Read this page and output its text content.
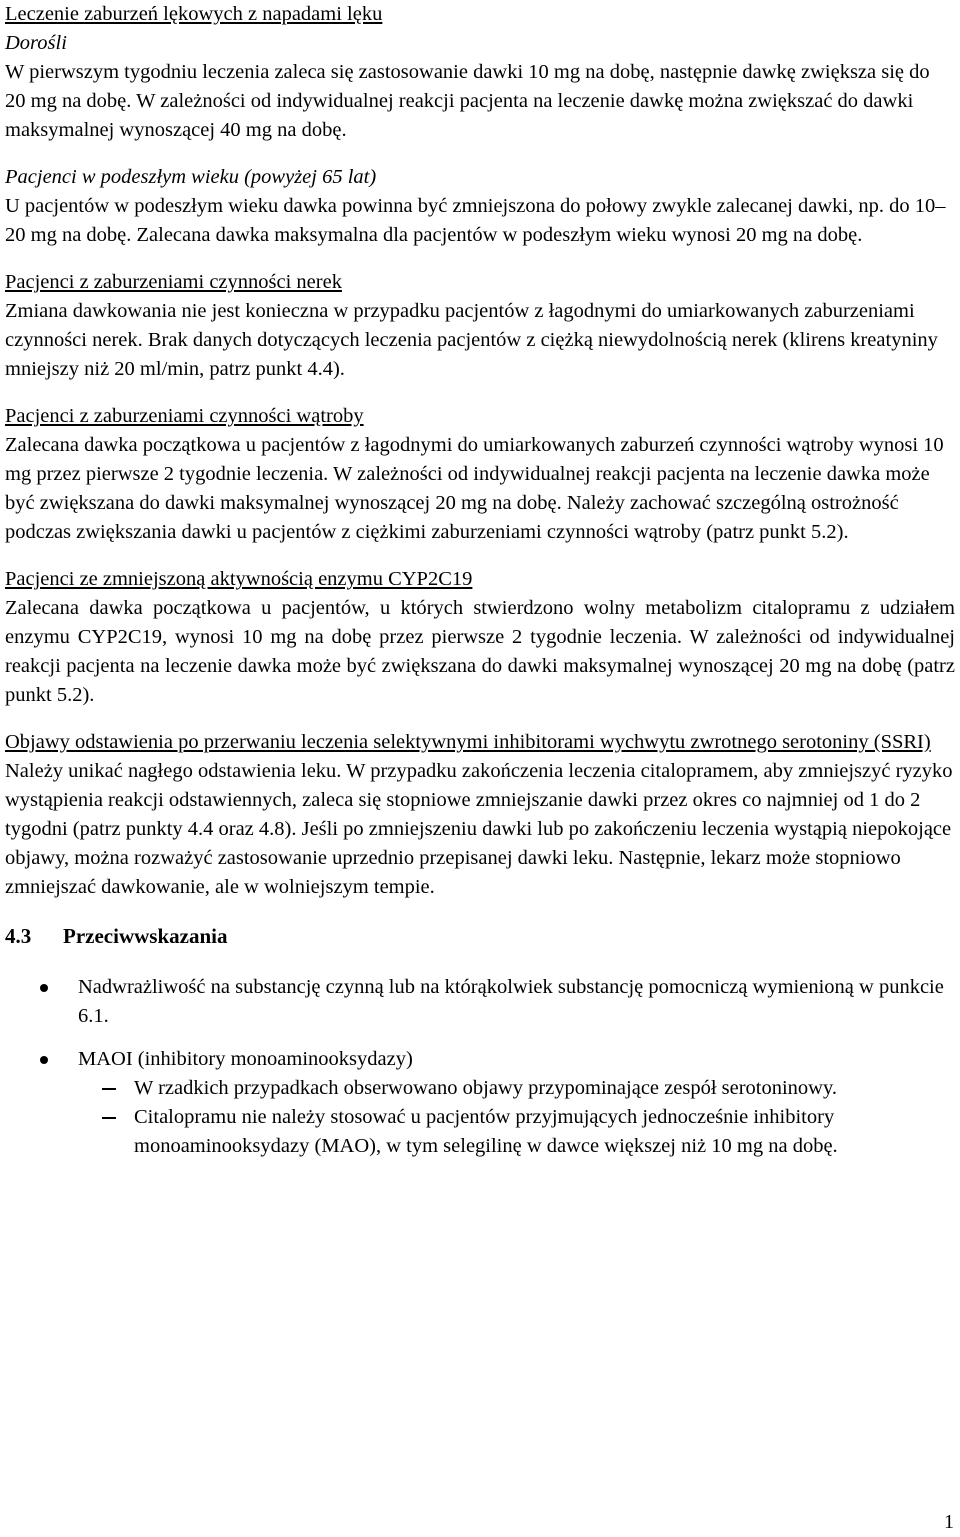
Leczenie zaburzeń lękowych z napadami lęku
Dorośli
W pierwszym tygodniu leczenia zaleca się zastosowanie dawki 10 mg na dobę, następnie dawkę zwiększa się do 20 mg na dobę. W zależności od indywidualnej reakcji pacjenta na leczenie dawkę można zwiększać do dawki maksymalnej wynoszącej 40 mg na dobę.
Pacjenci w podeszłym wieku (powyżej 65 lat)
U pacjentów w podeszłym wieku dawka powinna być zmniejszona do połowy zwykle zalecanej dawki, np. do 10–20 mg na dobę. Zalecana dawka maksymalna dla pacjentów w podeszłym wieku wynosi 20 mg na dobę.
Pacjenci z zaburzeniami czynności nerek
Zmiana dawkowania nie jest konieczna w przypadku pacjentów z łagodnymi do umiarkowanych zaburzeniami czynności nerek. Brak danych dotyczących leczenia pacjentów z ciężką niewydolnością nerek (klirens kreatyniny mniejszy niż 20 ml/min, patrz punkt 4.4).
Pacjenci z zaburzeniami czynności wątroby
Zalecana dawka początkowa u pacjentów z łagodnymi do umiarkowanych zaburzeń czynności wątroby wynosi 10 mg przez pierwsze 2 tygodnie leczenia. W zależności od indywidualnej reakcji pacjenta na leczenie dawka może być zwiększana do dawki maksymalnej wynoszącej 20 mg na dobę. Należy zachować szczególną ostrożność podczas zwiększania dawki u pacjentów z ciężkimi zaburzeniami czynności wątroby (patrz punkt 5.2).
Pacjenci ze zmniejszoną aktywnością enzymu CYP2C19
Zalecana dawka początkowa u pacjentów, u których stwierdzono wolny metabolizm citalopramu z udziałem enzymu CYP2C19, wynosi 10 mg na dobę przez pierwsze 2 tygodnie leczenia. W zależności od indywidualnej reakcji pacjenta na leczenie dawka może być zwiększana do dawki maksymalnej wynoszącej 20 mg na dobę (patrz punkt 5.2).
Objawy odstawienia po przerwaniu leczenia selektywnymi inhibitorami wychwytu zwrotnego serotoniny (SSRI)
Należy unikać nagłego odstawienia leku. W przypadku zakończenia leczenia citalopramem, aby zmniejszyć ryzyko wystąpienia reakcji odstawiennych, zaleca się stopniowe zmniejszanie dawki przez okres co najmniej od 1 do 2 tygodni (patrz punkty 4.4 oraz 4.8). Jeśli po zmniejszeniu dawki lub po zakończeniu leczenia wystąpią niepokojące objawy, można rozważyć zastosowanie uprzednio przepisanej dawki leku. Następnie, lekarz może stopniowo zmniejszać dawkowanie, ale w wolniejszym tempie.
4.3 Przeciwwskazania
Nadwrażliwość na substancję czynną lub na którąkolwiek substancję pomocniczą wymienioną w punkcie 6.1.
MAOI (inhibitory monoaminooksydazy)
W rzadkich przypadkach obserwowano objawy przypominające zespół serotoninowy.
Citalopramu nie należy stosować u pacjentów przyjmujących jednocześnie inhibitory monoaminooksydazy (MAO), w tym selegilinę w dawce większej niż 10 mg na dobę.
1
